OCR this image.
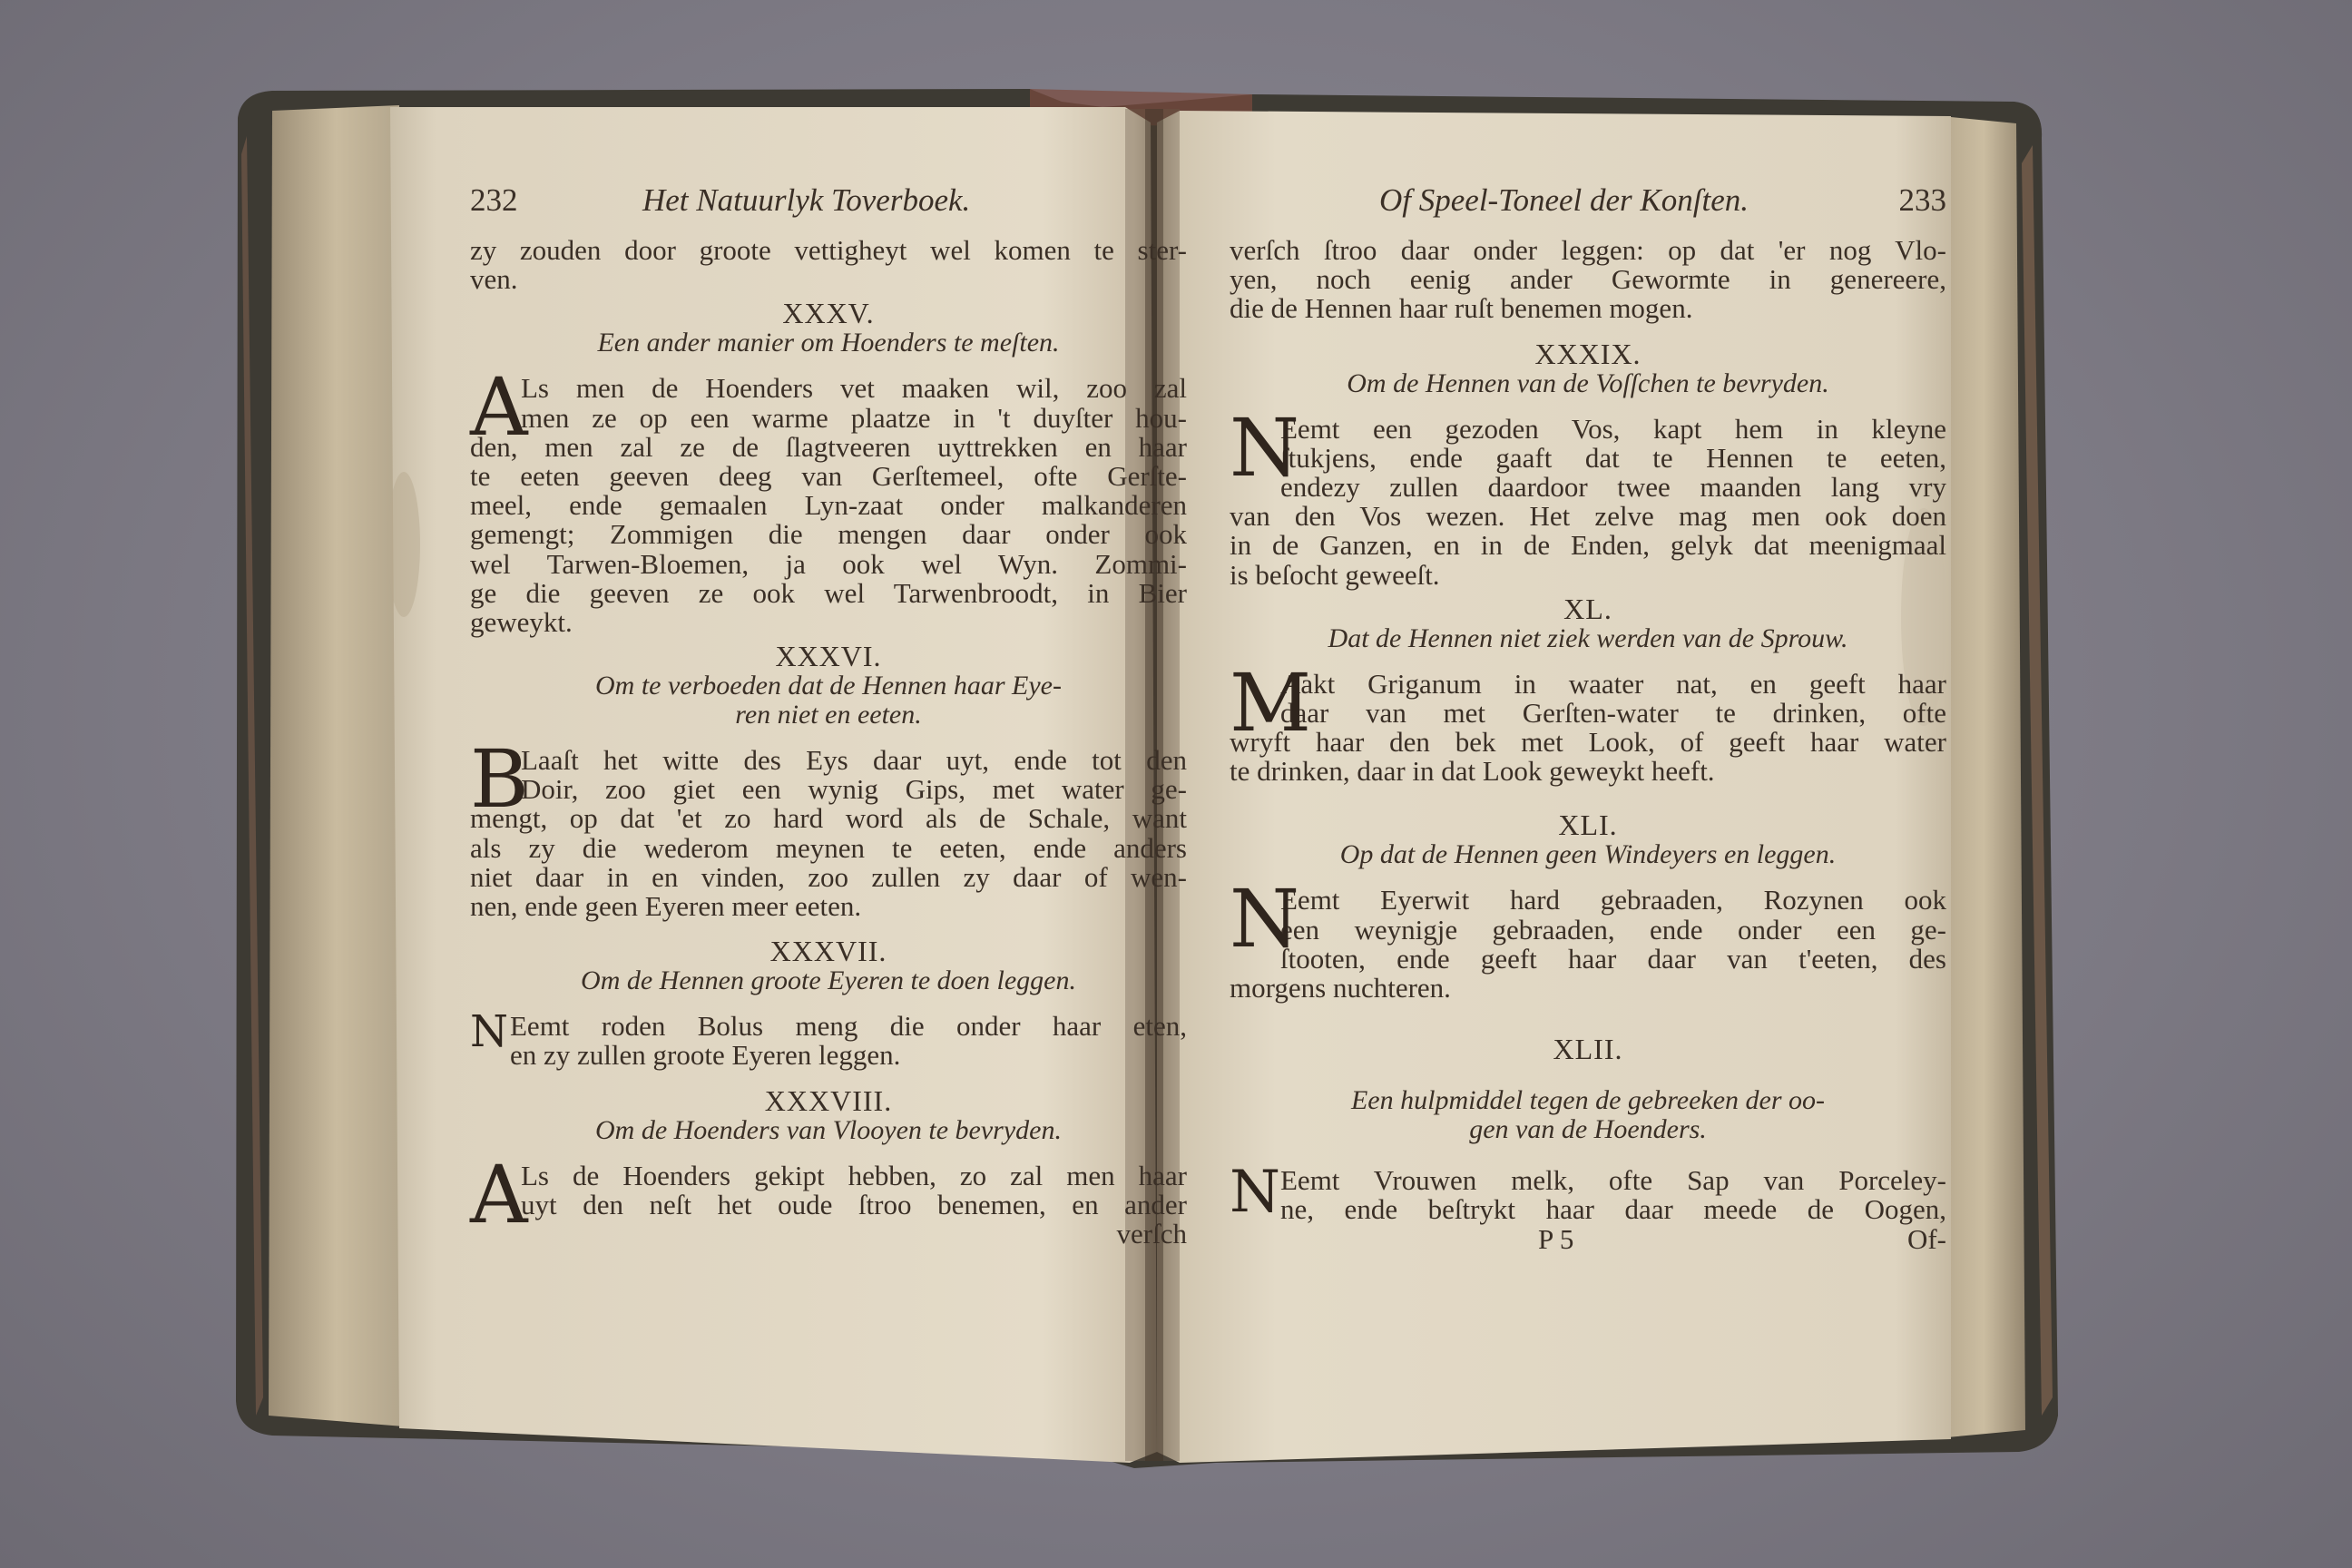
232	Het Natuurlyk Toverboek.
zy zouden door groote vettigheyt wel komen te ster-
ven.
XXXV.
Een ander manier om Hoenders te meſten.
A
Ls men de Hoenders vet maaken wil, zoo zal
men ze op een warme plaatze in 't duyſter hou-
den, men zal ze de ſlagtveeren uyttrekken en haar
te eeten geeven deeg van Gerſtemeel, ofte Gerſte-
meel, ende gemaalen Lyn-zaat onder malkanderen
gemengt; Zommigen die mengen daar onder ook
wel Tarwen-Bloemen, ja ook wel Wyn. Zommi-
ge die geeven ze ook wel Tarwenbroodt, in Bier
geweykt.
XXXVI.
Om te verboeden dat de Hennen haar Eye-
ren niet en eeten.
B
Laaſt het witte des Eys daar uyt, ende tot den
Doir, zoo giet een wynig Gips, met water ge-
mengt, op dat 'et zo hard word als de Schale, want
als zy die wederom meynen te eeten, ende anders
niet daar in en vinden, zoo zullen zy daar of wen-
nen, ende geen Eyeren meer eeten.
XXXVII.
Om de Hennen groote Eyeren te doen leggen.
N Eemt roden Bolus meng die onder haar eten,
en zy zullen groote Eyeren leggen.
XXXVIII.
Om de Hoenders van Vlooyen te bevryden.
A
Ls de Hoenders gekipt hebben, zo zal men haar
uyt den neſt het oude ſtroo benemen, en ander
verſch
Of Speel-Toneel der Konſten.	233
verſch ſtroo daar onder leggen: op dat 'er nog Vlo-
yen, noch eenig ander Gewormte in genereere,
die de Hennen haar ruſt benemen mogen.
XXXIX.
Om de Hennen van de Voſſchen te bevryden.
N
Eemt een gezoden Vos, kapt hem in kleyne
ſtukjens, ende gaaft dat te Hennen te eeten,
endezy zullen daardoor twee maanden lang vry
van den Vos wezen. Het zelve mag men ook doen
in de Ganzen, en in de Enden, gelyk dat meenigmaal
is beſocht geweeſt.
XL.
Dat de Hennen niet ziek werden van de Sprouw.
M
Aakt Griganum in waater nat, en geeft haar
daar van met Gerſten-water te drinken, ofte
wryft haar den bek met Look, of geeft haar water
te drinken, daar in dat Look geweykt heeft.
XLI.
Op dat de Hennen geen Windeyers en leggen.
N
Eemt Eyerwit hard gebraaden, Rozynen ook
een weynigje gebraaden, ende onder een ge-
ſtooten, ende geeft haar daar van t'eeten, des
morgens nuchteren.
XLII.
Een hulpmiddel tegen de gebreeken der oo-
gen van de Hoenders.
N Eemt Vrouwen melk, ofte Sap van Porceley-
ne, ende beſtrykt haar daar meede de Oogen,
P 5	Of-
